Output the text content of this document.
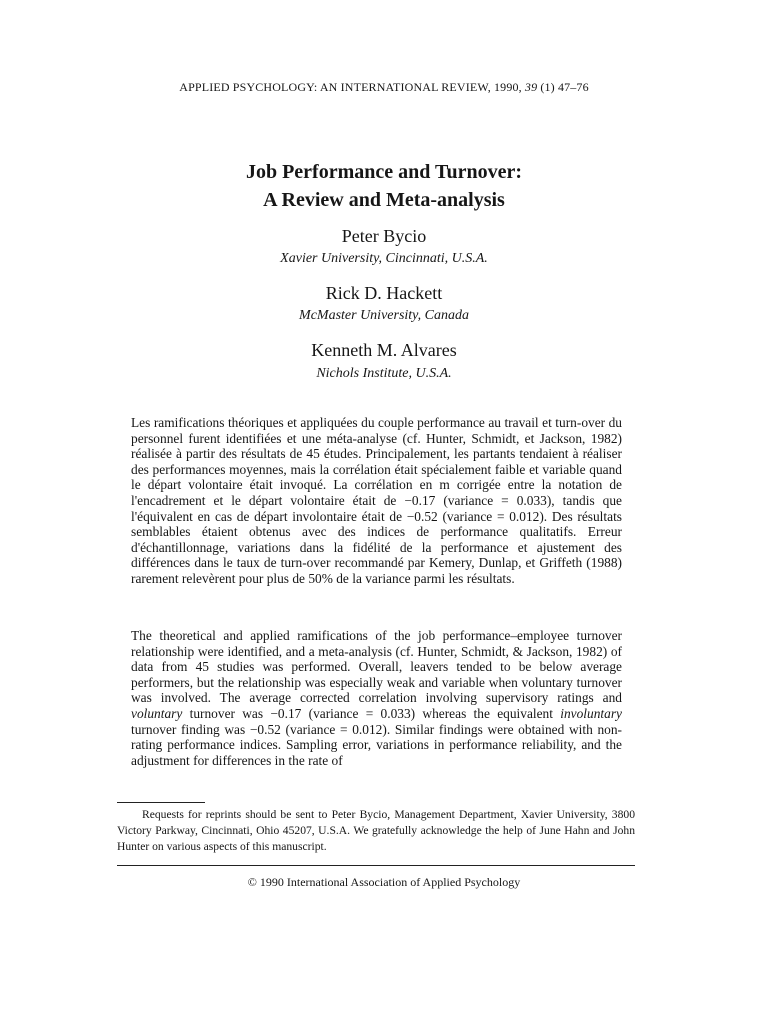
APPLIED PSYCHOLOGY: AN INTERNATIONAL REVIEW, 1990, 39 (1) 47–76
Job Performance and Turnover:
A Review and Meta-analysis
Peter Bycio
Xavier University, Cincinnati, U.S.A.
Rick D. Hackett
McMaster University, Canada
Kenneth M. Alvares
Nichols Institute, U.S.A.

Les ramifications théoriques et appliquées du couple performance au travail et turn-over du personnel furent identifiées et une méta-analyse (cf. Hunter, Schmidt, et Jackson, 1982) réalisée à partir des résultats de 45 études. Principalement, les partants tendaient à réaliser des performances moyennes, mais la corrélation était spécialement faible et variable quand le départ volontaire était invoqué. La corrélation en m corrigée entre la notation de l'encadrement et le départ volontaire était de −0.17 (variance = 0.033), tandis que l'équivalent en cas de départ involontaire était de −0.52 (variance = 0.012). Des résultats semblables étaient obtenus avec des indices de performance qualitatifs. Erreur d'échantillonnage, variations dans la fidélité de la performance et ajustement des différences dans le taux de turn-over recommandé par Kemery, Dunlap, et Griffeth (1988) rarement relevèrent pour plus de 50% de la variance parmi les résultats.

The theoretical and applied ramifications of the job performance–employee turnover relationship were identified, and a meta-analysis (cf. Hunter, Schmidt, & Jackson, 1982) of data from 45 studies was performed. Overall, leavers tended to be below average performers, but the relationship was especially weak and variable when voluntary turnover was involved. The average corrected correlation involving supervisory ratings and voluntary turnover was −0.17 (variance = 0.033) whereas the equivalent involuntary turnover finding was −0.52 (variance = 0.012). Similar findings were obtained with non-rating performance indices. Sampling error, variations in performance reliability, and the adjustment for differences in the rate of

Requests for reprints should be sent to Peter Bycio, Management Department, Xavier University, 3800 Victory Parkway, Cincinnati, Ohio 45207, U.S.A. We gratefully acknowledge the help of June Hahn and John Hunter on various aspects of this manuscript.

© 1990 International Association of Applied Psychology
